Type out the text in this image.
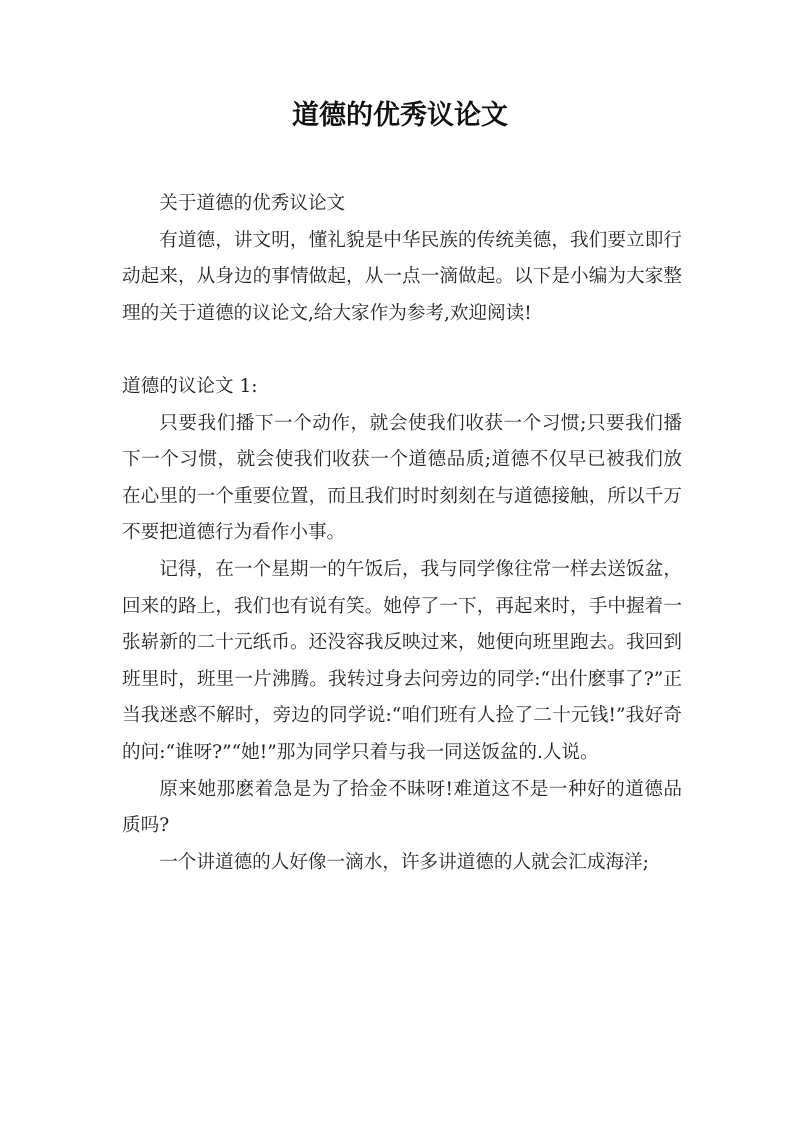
道德的优秀议论文

关于道德的优秀议论文

有道德，讲文明，懂礼貌是中华民族的传统美德，我们要立即行动起来，从身边的事情做起，从一点一滴做起。以下是小编为大家整理的关于道德的议论文,给大家作为参考,欢迎阅读!

道德的议论文 1:

只要我们播下一个动作，就会使我们收获一个习惯;只要我们播下一个习惯，就会使我们收获一个道德品质;道德不仅早已被我们放在心里的一个重要位置，而且我们时时刻刻在与道德接触，所以千万不要把道德行为看作小事。

记得，在一个星期一的午饭后，我与同学像往常一样去送饭盆，回来的路上，我们也有说有笑。她停了一下，再起来时，手中握着一张崭新的二十元纸币。还没容我反映过来，她便向班里跑去。我回到班里时，班里一片沸腾。我转过身去问旁边的同学:“出什麽事了?”正当我迷惑不解时，旁边的同学说:“咱们班有人捡了二十元钱!”我好奇的问:“谁呀?”“她!”那为同学只着与我一同送饭盆的.人说。

原来她那麽着急是为了拾金不昧呀!难道这不是一种好的道德品质吗?

一个讲道德的人好像一滴水，许多讲道德的人就会汇成海洋;
